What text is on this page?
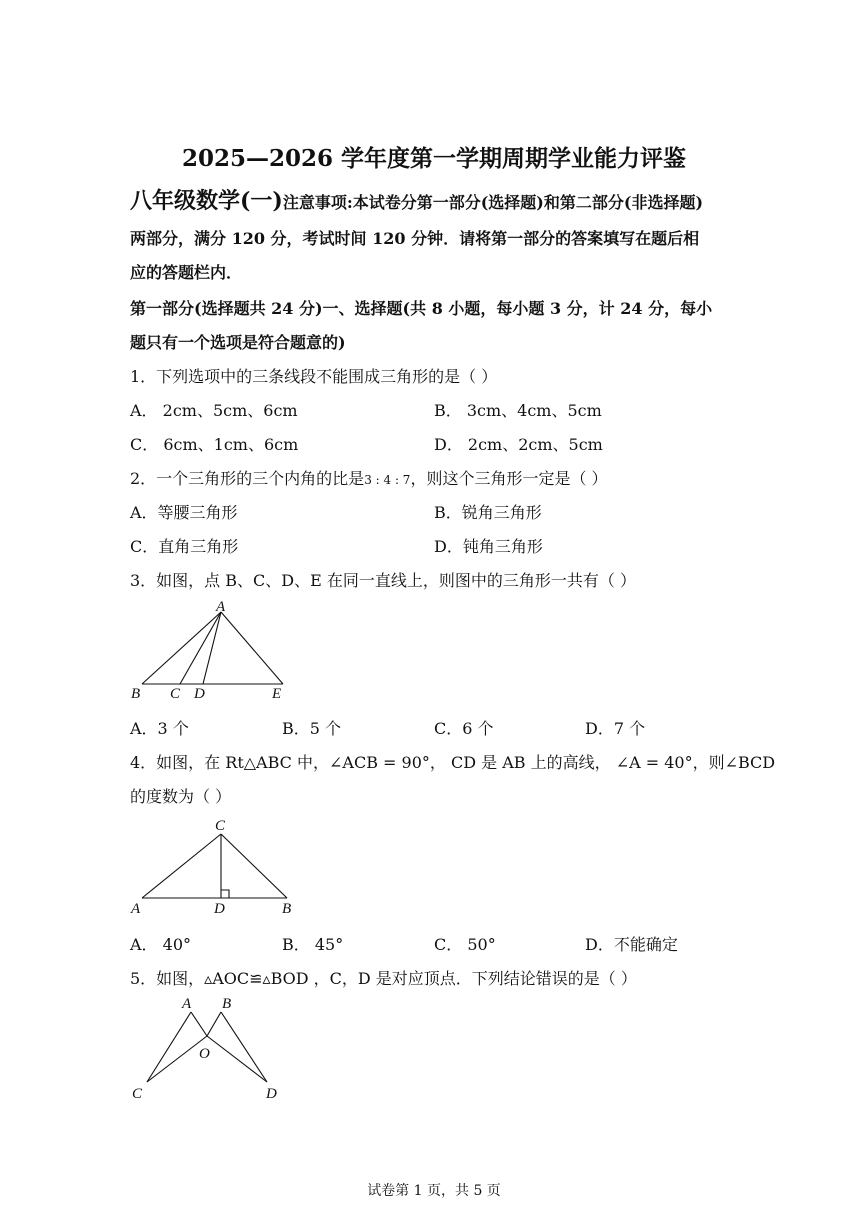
2025—2026 学年度第一学期周期学业能力评鉴
八年级数学(一)注意事项:本试卷分第一部分(选择题)和第二部分(非选择题)
两部分，满分 120 分，考试时间 120 分钟．请将第一部分的答案填写在题后相
应的答题栏内．
第一部分(选择题共 24 分)一、选择题(共 8 小题，每小题 3 分，计 24 分，每小
题只有一个选项是符合题意的)
1．下列选项中的三条线段不能围成三角形的是（ ）
A． 2cm、5cm、6cm	B． 3cm、4cm、5cm
C． 6cm、1cm、6cm	D． 2cm、2cm、5cm
2．一个三角形的三个内角的比是3 : 4 : 7，则这个三角形一定是（ ）
A．等腰三角形	B．锐角三角形
C．直角三角形	D．钝角三角形
3．如图，点 B、C、D、E 在同一直线上，则图中的三角形一共有（ ）
A
B C D	E
A．3 个	B．5 个	C．6 个	D．7 个
4．如图，在 Rt△ABC 中，∠ACB = 90°， CD 是 AB 上的高线， ∠A = 40°，则∠BCD
的度数为（ ）
C
A	D	B
A． 40°	B． 45°	C． 50°	D．不能确定
5．如图，▵AOC≌▵BOD ，C，D 是对应顶点．下列结论错误的是（ ）
A B
O
C	D
试卷第 1 页，共 5 页
